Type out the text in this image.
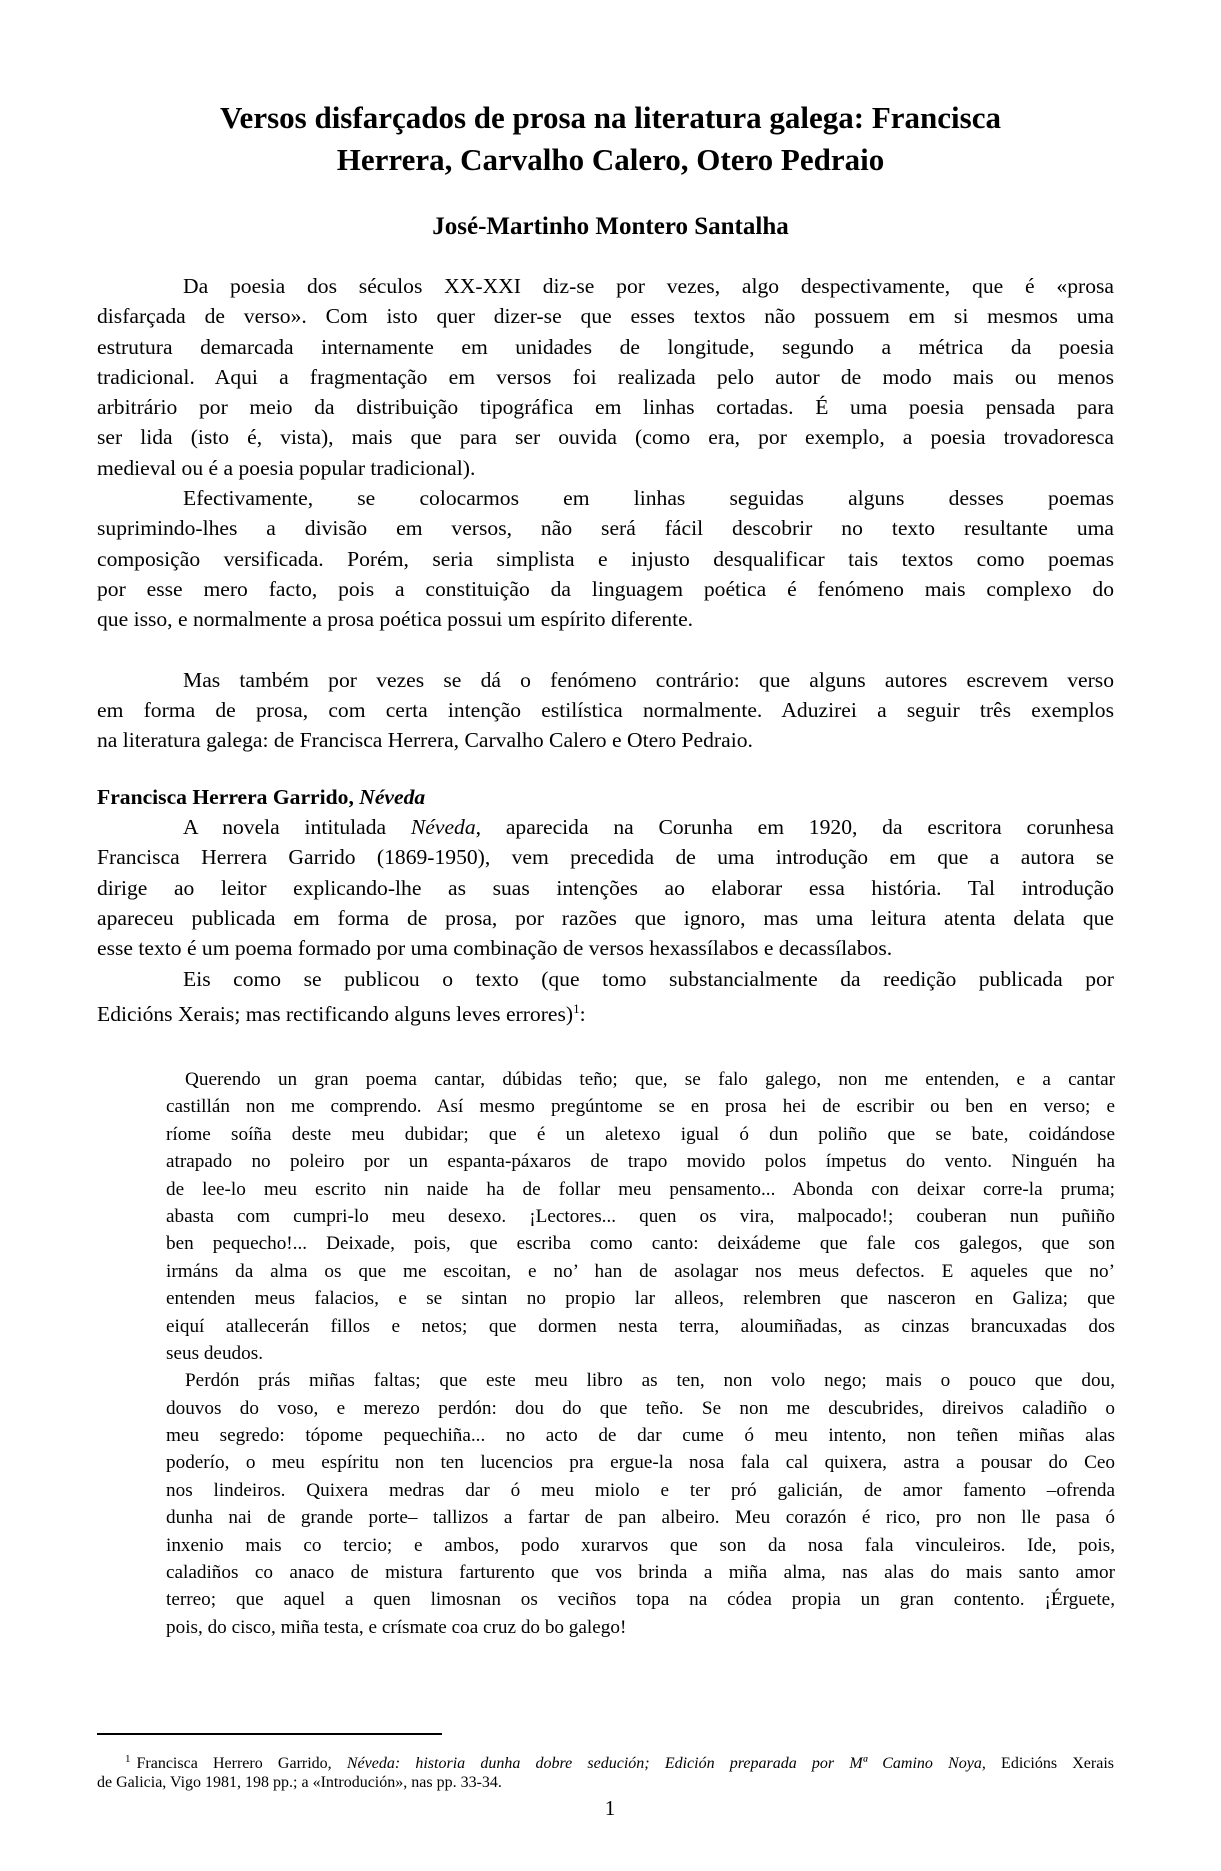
Versos disfarçados de prosa na literatura galega: Francisca
Herrera, Carvalho Calero, Otero Pedraio
José-Martinho Montero Santalha

Da poesia dos séculos XX-XXI diz-se por vezes, algo despectivamente, que é «prosa
disfarçada de verso». Com isto quer dizer-se que esses textos não possuem em si mesmos uma
estrutura demarcada internamente em unidades de longitude, segundo a métrica da poesia
tradicional. Aqui a fragmentação em versos foi realizada pelo autor de modo mais ou menos
arbitrário por meio da distribuição tipográfica em linhas cortadas. É uma poesia pensada para
ser lida (isto é, vista), mais que para ser ouvida (como era, por exemplo, a poesia trovadoresca
medieval ou é a poesia popular tradicional).

Efectivamente, se colocarmos em linhas seguidas alguns desses poemas
suprimindo-lhes a divisão em versos, não será fácil descobrir no texto resultante uma
composição versificada. Porém, seria simplista e injusto desqualificar tais textos como poemas
por esse mero facto, pois a constituição da linguagem poética é fenómeno mais complexo do
que isso, e normalmente a prosa poética possui um espírito diferente.

Mas também por vezes se dá o fenómeno contrário: que alguns autores escrevem verso
em forma de prosa, com certa intenção estilística normalmente. Aduzirei a seguir três exemplos
na literatura galega: de Francisca Herrera, Carvalho Calero e Otero Pedraio.

Francisca Herrera Garrido, Néveda

A novela intitulada Néveda, aparecida na Corunha em 1920, da escritora corunhesa
Francisca Herrera Garrido (1869-1950), vem precedida de uma introdução em que a autora se
dirige ao leitor explicando-lhe as suas intenções ao elaborar essa história. Tal introdução
apareceu publicada em forma de prosa, por razões que ignoro, mas uma leitura atenta delata que
esse texto é um poema formado por uma combinação de versos hexassílabos e decassílabos.

Eis como se publicou o texto (que tomo substancialmente da reedição publicada por
Edicións Xerais; mas rectificando alguns leves errores)$^1$:

Querendo un gran poema cantar, dúbidas teño; que, se falo galego, non me entenden, e a cantar
castillán non me comprendo. Así mesmo pregúntome se en prosa hei de escribir ou ben en verso; e
ríome soíña deste meu dubidar; que é un aletexo igual ó dun poliño que se bate, coidándose
atrapado no poleiro por un espanta-páxaros de trapo movido polos ímpetus do vento. Ninguén ha
de lee-lo meu escrito nin naide ha de follar meu pensamento... Abonda con deixar corre-la pruma;
abasta com cumpri-lo meu desexo. ¡Lectores... quen os vira, malpocado!; couberan nun puñiño
ben pequecho!... Deixade, pois, que escriba como canto: deixádeme que fale cos galegos, que son
irmáns da alma os que me escoitan, e no’ han de asolagar nos meus defectos. E aqueles que no’
entenden meus falacios, e se sintan no propio lar alleos, relembren que nasceron en Galiza; que
eiquí atallecerán fillos e netos; que dormen nesta terra, aloumiñadas, as cinzas brancuxadas dos
seus deudos.

Perdón prás miñas faltas; que este meu libro as ten, non volo nego; mais o pouco que dou,
douvos do voso, e merezo perdón: dou do que teño. Se non me descubrides, direivos caladiño o
meu segredo: tópome pequechiña... no acto de dar cume ó meu intento, non teñen miñas alas
poderío, o meu espíritu non ten lucencios pra ergue-la nosa fala cal quixera, astra a pousar do Ceo
nos lindeiros. Quixera medras dar ó meu miolo e ter pró galicián, de amor famento –ofrenda
dunha nai de grande porte– tallizos a fartar de pan albeiro. Meu corazón é rico, pro non lle pasa ó
inxenio mais co tercio; e ambos, podo xurarvos que son da nosa fala vinculeiros. Ide, pois,
caladiños co anaco de mistura farturento que vos brinda a miña alma, nas alas do mais santo amor
terreo; que aquel a quen limosnan os veciños topa na códea propia un gran contento. ¡Érguete,
pois, do cisco, miña testa, e crísmate coa cruz do bo galego!

$^1$ Francisca Herrero Garrido, Néveda: historia dunha dobre sedución; Edición preparada por Mª Camino Noya, Edicións Xerais
de Galicia, Vigo 1981, 198 pp.; a «Introdución», nas pp. 33-34.
1
